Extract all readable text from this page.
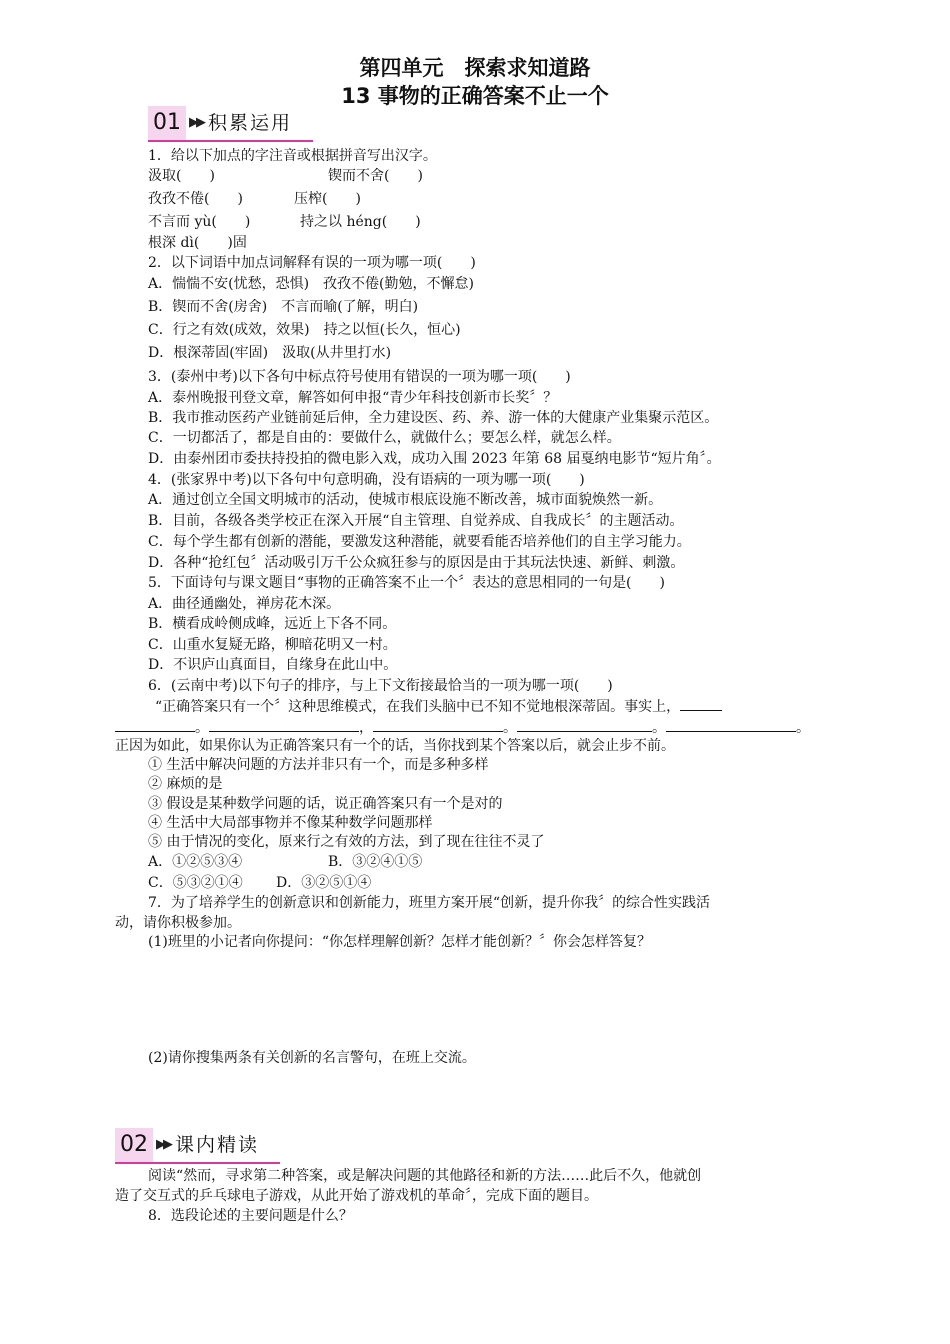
第四单元　探索求知道路
13 事物的正确答案不止一个
01 ▶▶ 积累运用
1．给以下加点的字注音或根据拼音写出汉字。
汲取(　　)	锲而不舍(　　)
孜孜不倦(　　)	压榨(　　)
不言而 yù(　　)	持之以 héng(　　)
根深 dì(　　)固
2．以下词语中加点词解释有误的一项为哪一项(　　)
A．惴惴不安(忧愁，恐惧)　孜孜不倦(勤勉，不懈怠)
B．锲而不舍(房舍)　不言而喻(了解，明白)
C．行之有效(成效，效果)　持之以恒(长久，恒心)
D．根深蒂固(牢固)　汲取(从井里打水)
3．(泰州中考)以下各句中标点符号使用有错误的一项为哪一项(　　)
A．泰州晚报刊登文章，解答如何申报“青少年科技创新市长奖〞？
B．我市推动医药产业链前延后伸，全力建设医、药、养、游一体的大健康产业集聚示范区。
C．一切都活了，都是自由的：要做什么，就做什么；要怎么样，就怎么样。
D．由泰州团市委扶持投拍的微电影入戏，成功入围 2023 年第 68 届戛纳电影节“短片角〞。
4．(张家界中考)以下各句中句意明确，没有语病的一项为哪一项(　　)
A．通过创立全国文明城市的活动，使城市根底设施不断改善，城市面貌焕然一新。
B．目前，各级各类学校正在深入开展“自主管理、自觉养成、自我成长〞的主题活动。
C．每个学生都有创新的潜能，要激发这种潜能，就要看能否培养他们的自主学习能力。
D．各种“抢红包〞活动吸引万千公众疯狂参与的原因是由于其玩法快速、新鲜、刺激。
5．下面诗句与课文题目“事物的正确答案不止一个〞表达的意思相同的一句是(　　)
A．曲径通幽处，禅房花木深。
B．横看成岭侧成峰，远近上下各不同。
C．山重水复疑无路，柳暗花明又一村。
D．不识庐山真面目，自缘身在此山中。
6．(云南中考)以下句子的排序，与上下文衔接最恰当的一项为哪一项(　　)
“正确答案只有一个〞这种思维模式，在我们头脑中已不知不觉地根深蒂固。事实上，
。	，	。	。	。
正因为如此，如果你认为正确答案只有一个的话，当你找到某个答案以后，就会止步不前。
① 生活中解决问题的方法并非只有一个，而是多种多样
② 麻烦的是
③ 假设是某种数学问题的话，说正确答案只有一个是对的
④ 生活中大局部事物并不像某种数学问题那样
⑤ 由于情况的变化，原来行之有效的方法，到了现在往往不灵了
A．①②⑤③④	B．③②④①⑤
C．⑤③②①④ D．③②⑤①④
7．为了培养学生的创新意识和创新能力，班里方案开展“创新，提升你我〞的综合性实践活
动，请你积极参加。
(1)班里的小记者向你提问：“你怎样理解创新？怎样才能创新？〞你会怎样答复？
(2)请你搜集两条有关创新的名言警句，在班上交流。
02 ▶▶ 课内精读
阅读“然而，寻求第二种答案，或是解决问题的其他路径和新的方法……此后不久，他就创
造了交互式的乒乓球电子游戏，从此开始了游戏机的革命〞，完成下面的题目。
8．选段论述的主要问题是什么？
